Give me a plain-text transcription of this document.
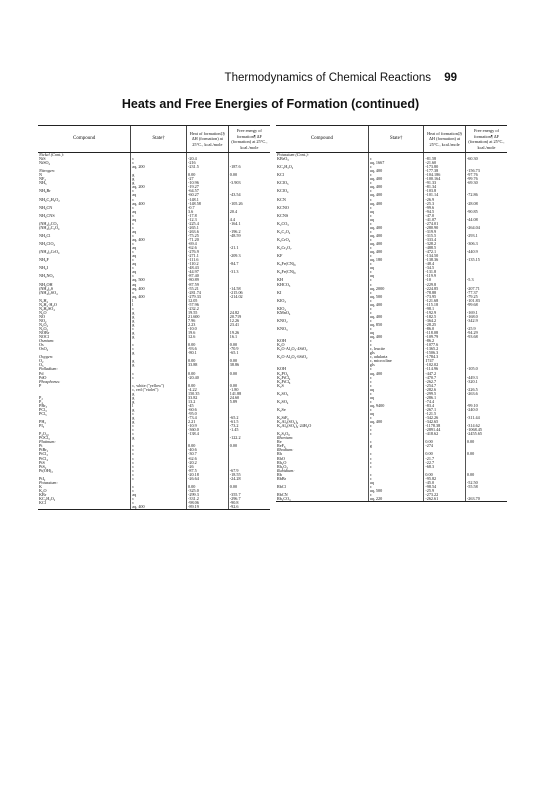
Thermodynamics of Chemical Reactions 99
Heats and Free Energies of Formation (continued)
Compound	State†	Heat of formation‡§ ΔH (formation) at 25°C., kcal./mole	Free energy of formation¶ ΔF (formation) at 25°C., kcal./mole
Nickel (Cont.):			
NiS	c	-20.4	
NiSO₄	c	-216	
	aq, 200	-231.5	-187.6
Nitrogen:			
N	g	0.00	0.00
NF₃	g	-27	
NH₃	g	-10.96	-3.903
	aq, 200	-19.27	
NH₄Br	c	-64.57	
	aq	-60.27	-43.54
NH₄C₂H₃O₂	c	-148.1	
	aq, 400	-148.58	-105.26
NH₄CN	c	-0.7	
	aq	3.6	20.4
NH₄CNS	c	-17.8	
	aq	-12.3	4.4
(NH₄)₂CO₃	c	-225.4	-164.1
(NH₄)₂C₂O₄	c	-265.1	
	aq	-263.6	-196.2
NH₄Cl	c	-75.25	-48.59
	aq, 400	-71.20	
NH₄ClO₄	c	-69.4	
	aq	-62.6	-21.1
(NH₄)₂CrO₄	c	-276.9	
	aq	-271.1	-209.3
NH₄F	c	-111.6	
	aq	-110.2	-84.7
NH₄I	c	-48.43	
	aq	-44.97	-31.3
NH₄NO₃	c	-87.40	
	aq, 500	-80.89	
NH₄OH	aq	-87.59	
(NH₄)₂S	aq, 400	-55.21	-14.58
(NH₄)₂SO₄	c	-281.74	-215.06
	aq, 400	-279.33	-214.02
N₂H₄	l	12.05	
N₂H₄·H₂O	l	-57.96	
N₂H₆SO₄	c	-232.2	
N₂O	g	19.55	24.82
NO	g	21.600	20.719
NO₂	g	7.96	12.26
N₂O₄	g	2.23	23.41
N₂O₅	c	-10.0	
NOBr	g	19.6	19.26
NOCl	g	12.6	16.1
Osmium:			
Os	c	0.00	0.00
OsO₄	c	-93.6	-70.9
	g	-80.1	-65.1
Oxygen:			
O₂	g	0.00	0.00
O₃	g	33.88	38.86
Palladium:			
Pd	c	0.00	0.00
PdO	c	-20.40	
Phosphorus:			
P	c, white ("yellow")	0.00	0.00
	c, red ("violet")	-4.22	-1.80
	g	150.35	141.88
P₂	g	33.82	24.60
P₄	g	13.2	5.89
PBr₃	l	-45	
PCl₃	g	-60.6	
PCl₅	c	-95.0	
	g	-73.4	-65.2
PH₃	g	2.21	-61.5
PI₃	c	-10.9	-73.2
	c	-360.0	-1.45
P₄O₁₀	c	-138.4	
POCl₃	g		-122.2
Platinum:			
Pt	c	0.00	0.00
PtBr₂	c	-40.6	
PtCl₂	c	-30.7	
PtCl₄	c	-62.6	
PtS	c	-20.2	
PtS₂	c	-26	
Pt(OH)₂	c	-87.5	-67.9
	c	-20.18	-18.55
PtI₂	c	-26.64	-24.28
Potassium:			
K	c	0.00	0.00
K₂O	c	-325.0	
KBr	aq	-299.3	-355.7
KC₂H₃O₂	c	-331.2	-296.7
KCl	c	-98.06	-90.8
	aq, 400	-89.19	-92.6
Compound	State†	Heat of formation‡§ ΔH (formation) at 25°C., kcal./mole	Free energy of formation¶ ΔF (formation) at 25°C., kcal./mole
Potassium (Cont.):			
KBrO₃	c	-81.58	-60.30
	aq, 1667	-21.60	
KC₂H₃O₂	c	-173.80	
	aq, 400	-177.38	-156.73
KCl	c	-104.186	-97.76
	aq, 400	-100.164	-99.76
KClO₃	c	-91.33	-69.30
	aq, 400	-81.34	
KClO₄	c	-103.8	
	aq, 400	-101.14	-72.86
KCN	c	-26.9	
	aq, 400	-25.3	-28.08
KCNO	c	-99.6	
	aq	-94.5	-90.85
KCNS	c	-47.0	
	aq	-41.07	-44.08
K₂CO₃	c	-274.01	
	aq, 400	-280.90	-264.04
K₂C₂O₄	c	-319.9	
	aq, 400	-315.5	-293.1
K₂CrO₄	c	-333.4	
	aq, 400	-328.2	-306.3
K₂Cr₂O₇	c	-488.5	
	aq, 400	-472.1	-440.9
KF	c	-134.50	
	aq, 180	-138.36	-135.15
K₃Fe(CN)₆	c	-48.4	
	aq	-34.5	
K₄Fe(CN)₆	c	-131.8	
	aq	-119.9	
KH	c	-10	-5.3
KHCO₃	c	-229.8	
	aq, 2000	-224.85	-207.71
KI	c	-78.88	-77.37
	aq, 500	-73.95	-79.25
KIO₃	c	-121.68	-101.83
	aq, 400	-115.18	-99.68
KIO₄	c	-98.1	
KMnO₄	c	-192.9	-169.1
	aq, 400	-182.5	-168.0
KNO₂	c	-364.2	-342.9
	aq, 850	-28.25	
KNO₃	c	-86.0	-25.9
	aq	-118.08	-94.29
	aq, 400	-109.79	-93.68
KOH	c	-86.2	
K₂O	c	-1077.6	
K₂O·Al₂O₃·4SiO₂	c, leucite	-1365.2	
	gls	-1506.3	
K₂O·Al₂O₃·6SiO₂	c, adularia	-1784.3	
	c, microcline	1747	
	gls	-102.02	
KOH	c	-114.96	-105.0
K₂PO₄	aq, 400	-447.2	
K₂PtCl₄	c	-470.7	-449.3
K₂PtCl₆	c	-262.7	-320.1
K₂S	c	-254.7	
	aq	-282.6	-226.5
K₂SO₃	c	-299.5	-263.6
	aq	-286.1	
K₂SO₄	c	-74.4	
	aq, 9400	-83.4	-99.10
K₂Se	c	-267.1	-240.0
	aq	-121.5	
K₂SiF₆	c	-342.26	-311.44
K₂Al₂(SO₄)₄	aq, 400	-342.65	
K₂Al₂(SO₄)₄·24H₂O	c	-1178.38	-314.62
	c	-2891.44	-1068.45
K₂S₂O₈	c	-418.62	-2455.65
Rhenium:			
Re	c	0.00	0.00
ReF₆	g	-274	
Rhodium:			
Rh	c	0.00	0.00
RhO	c	-21.7	
Rh₂O	c	-22.7	
Rh₂O₃	c	-68.3	
Rubidium:			
Rb	c	0.00	0.00
RbBr	c	-95.82	
	aq	-45.0	-52.50
RbCl	c	-98.54	-55.58
	aq, 500	-25.9	
RbCN	c	-273.22	
Rb₂CO₃	aq, 220	-262.61	-263.70
